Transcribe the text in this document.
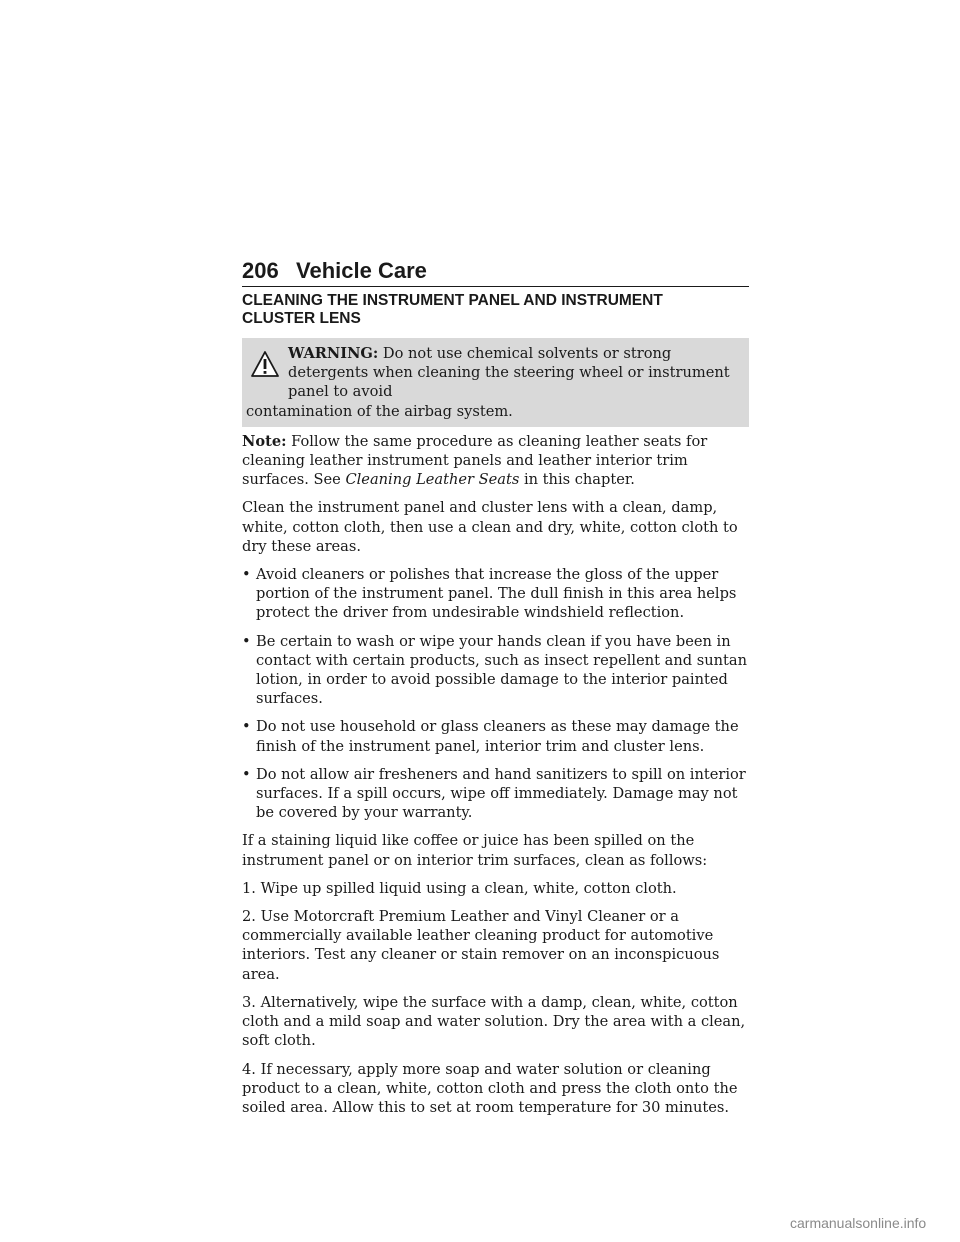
206 Vehicle Care
CLEANING THE INSTRUMENT PANEL AND INSTRUMENT
CLUSTER LENS
WARNING: Do not use chemical solvents or strong detergents when cleaning the steering wheel or instrument panel to avoid
contamination of the airbag system.

Note: Follow the same procedure as cleaning leather seats for cleaning leather instrument panels and leather interior trim surfaces. See Cleaning Leather Seats in this chapter.

Clean the instrument panel and cluster lens with a clean, damp, white, cotton cloth, then use a clean and dry, white, cotton cloth to dry these areas.

• Avoid cleaners or polishes that increase the gloss of the upper portion of the instrument panel. The dull finish in this area helps protect the driver from undesirable windshield reflection.
• Be certain to wash or wipe your hands clean if you have been in contact with certain products, such as insect repellent and suntan lotion, in order to avoid possible damage to the interior painted surfaces.
• Do not use household or glass cleaners as these may damage the finish of the instrument panel, interior trim and cluster lens.
• Do not allow air fresheners and hand sanitizers to spill on interior surfaces. If a spill occurs, wipe off immediately. Damage may not be covered by your warranty.

If a staining liquid like coffee or juice has been spilled on the instrument panel or on interior trim surfaces, clean as follows:

1. Wipe up spilled liquid using a clean, white, cotton cloth.

2. Use Motorcraft Premium Leather and Vinyl Cleaner or a commercially available leather cleaning product for automotive interiors. Test any cleaner or stain remover on an inconspicuous area.

3. Alternatively, wipe the surface with a damp, clean, white, cotton cloth and a mild soap and water solution. Dry the area with a clean, soft cloth.

4. If necessary, apply more soap and water solution or cleaning product to a clean, white, cotton cloth and press the cloth onto the soiled area. Allow this to set at room temperature for 30 minutes.

carmanualsonline.info
